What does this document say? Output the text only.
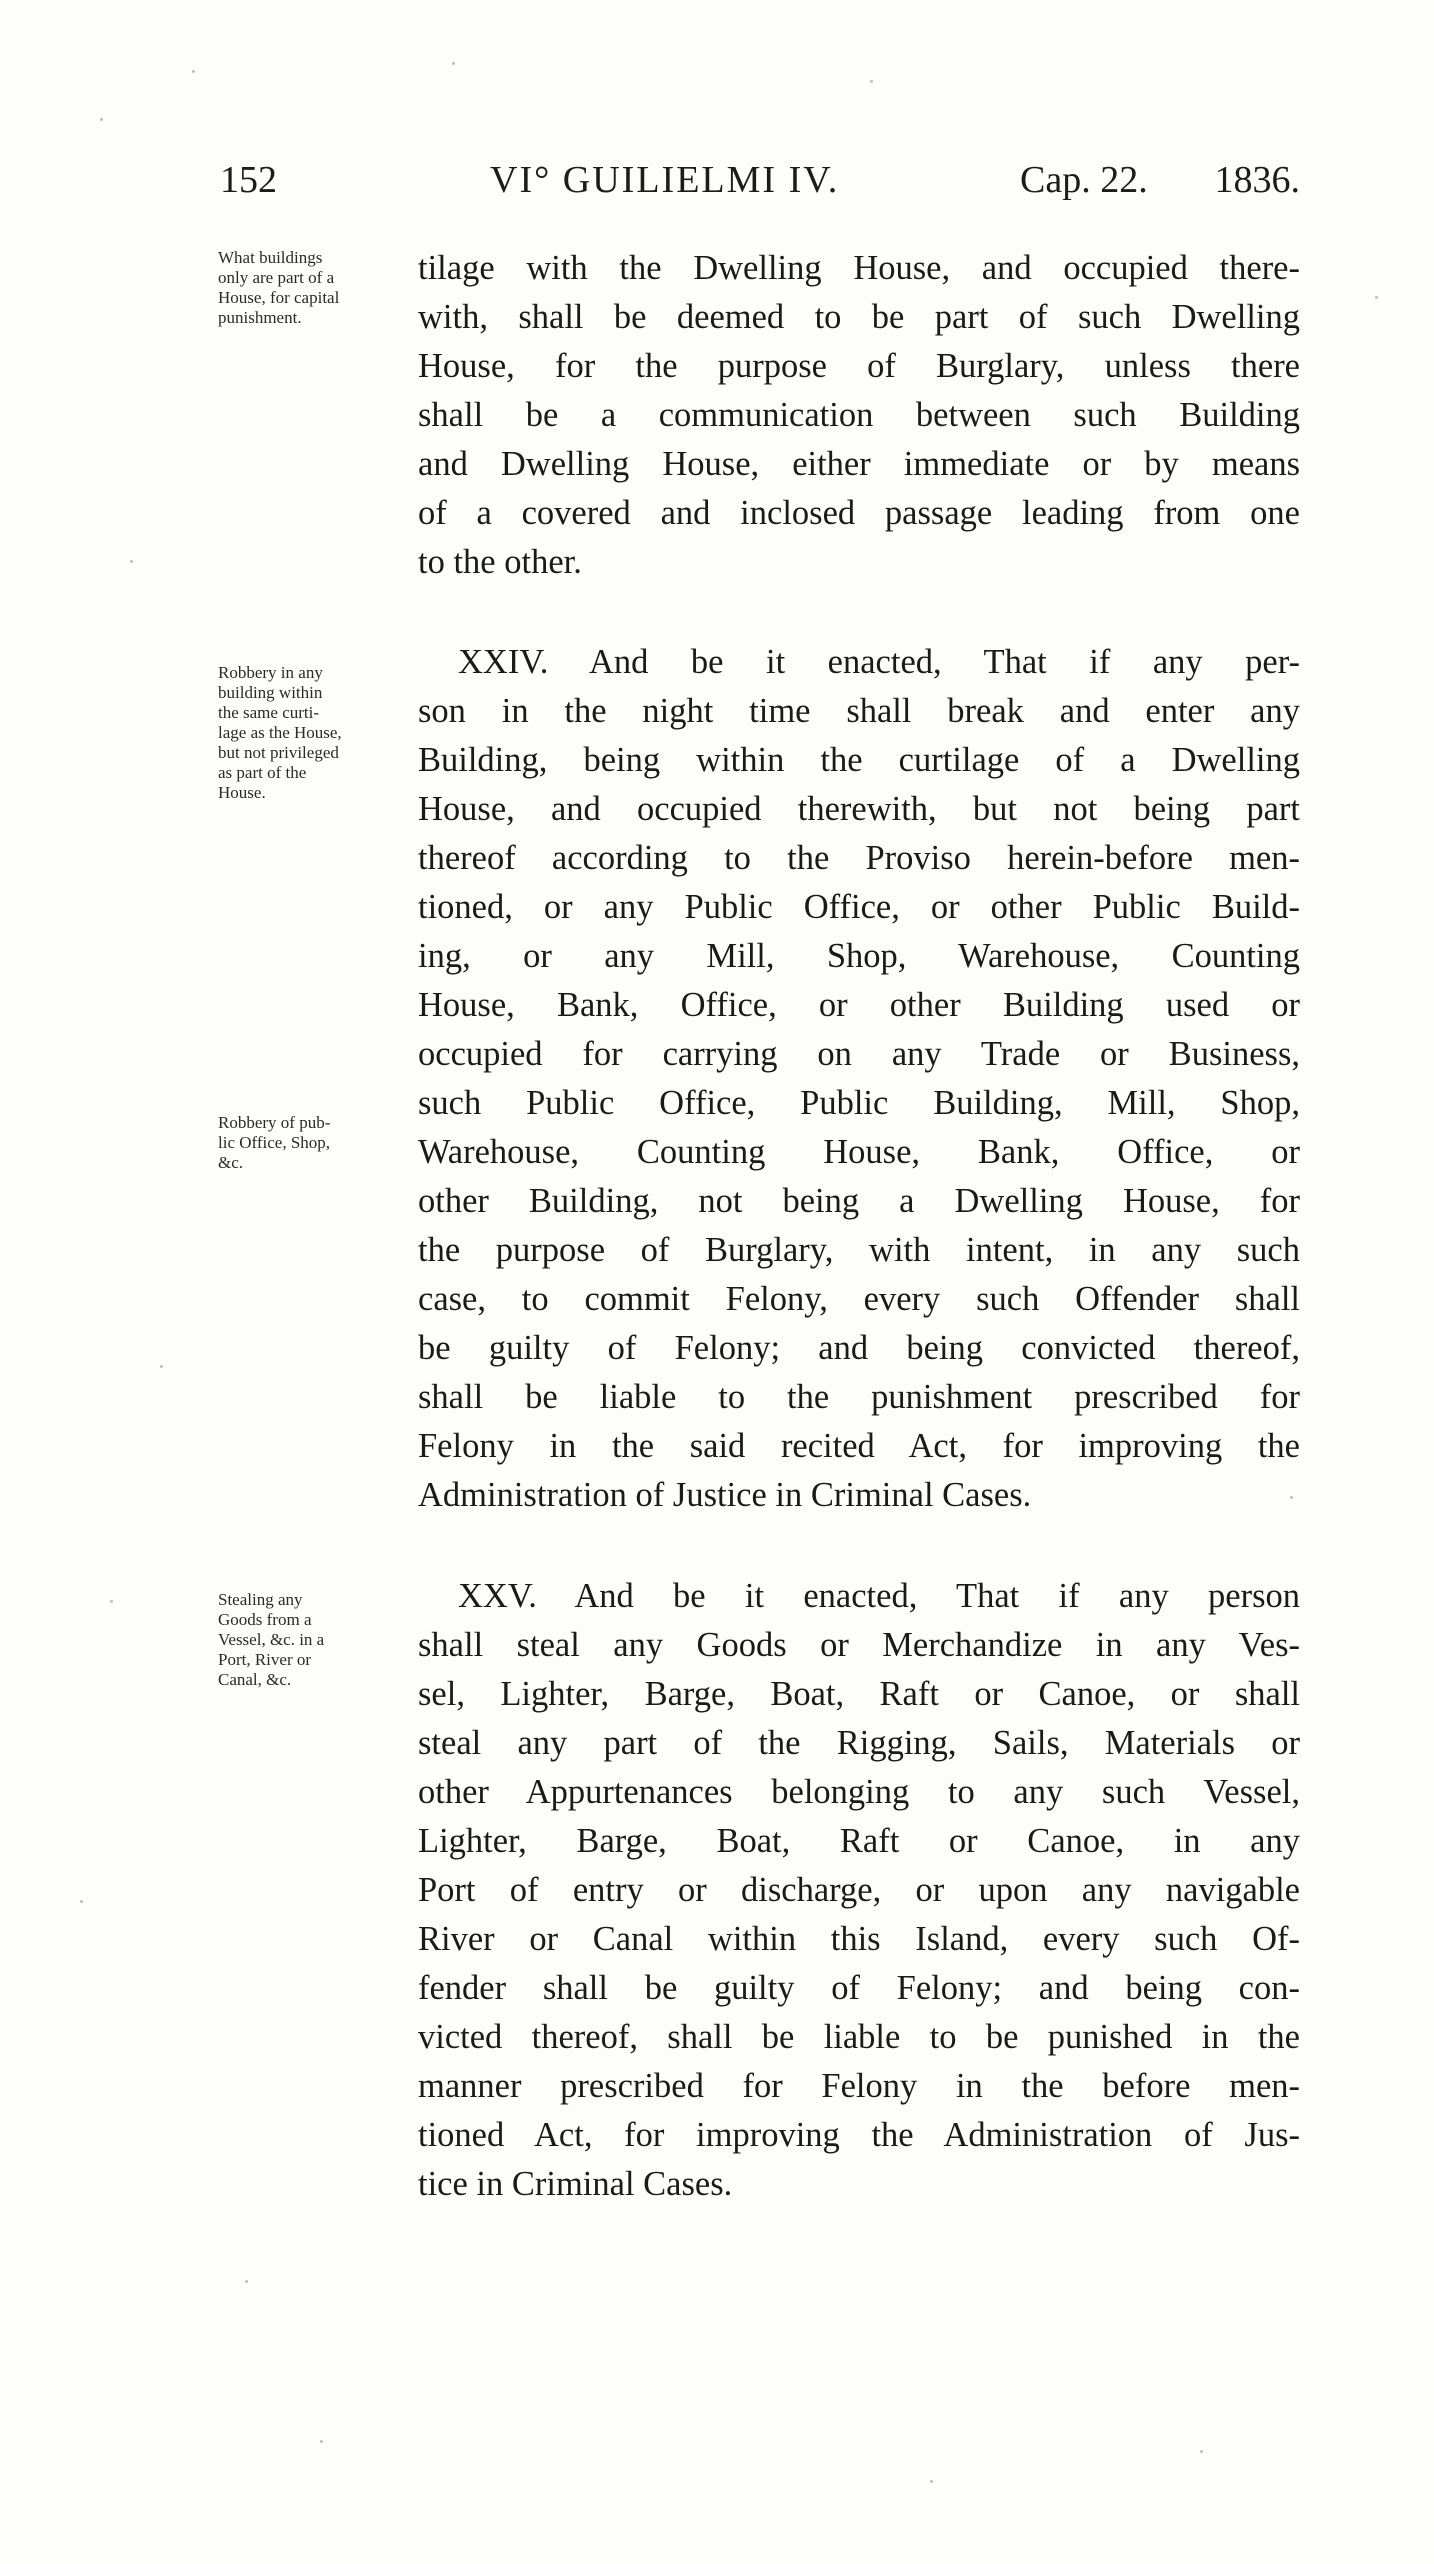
152	VI° GUILIELMI IV.	Cap. 22. 1836.
What buildings
only are part of a
House, for capital
punishment.
Robbery in any
building within
the same curti-
lage as the House,
but not privileged
as part of the
House.
Robbery of pub-
lic Office, Shop,
&c.
Stealing any
Goods from a
Vessel, &c. in a
Port, River or
Canal, &c.
tilage with the Dwelling House, and occupied there-
with, shall be deemed to be part of such Dwelling
House, for the purpose of Burglary, unless there
shall be a communication between such Building
and Dwelling House, either immediate or by means
of a covered and inclosed passage leading from one
to the other.
XXIV. And be it enacted, That if any per-
son in the night time shall break and enter any
Building, being within the curtilage of a Dwelling
House, and occupied therewith, but not being part
thereof according to the Proviso herein-before men-
tioned, or any Public Office, or other Public Build-
ing, or any Mill, Shop, Warehouse, Counting
House, Bank, Office, or other Building used or
occupied for carrying on any Trade or Business,
such Public Office, Public Building, Mill, Shop,
Warehouse, Counting House, Bank, Office, or
other Building, not being a Dwelling House, for
the purpose of Burglary, with intent, in any such
case, to commit Felony, every such Offender shall
be guilty of Felony; and being convicted thereof,
shall be liable to the punishment prescribed for
Felony in the said recited Act, for improving the
Administration of Justice in Criminal Cases.
XXV. And be it enacted, That if any person
shall steal any Goods or Merchandize in any Ves-
sel, Lighter, Barge, Boat, Raft or Canoe, or shall
steal any part of the Rigging, Sails, Materials or
other Appurtenances belonging to any such Vessel,
Lighter, Barge, Boat, Raft or Canoe, in any
Port of entry or discharge, or upon any navigable
River or Canal within this Island, every such Of-
fender shall be guilty of Felony; and being con-
victed thereof, shall be liable to be punished in the
manner prescribed for Felony in the before men-
tioned Act, for improving the Administration of Jus-
tice in Criminal Cases.
